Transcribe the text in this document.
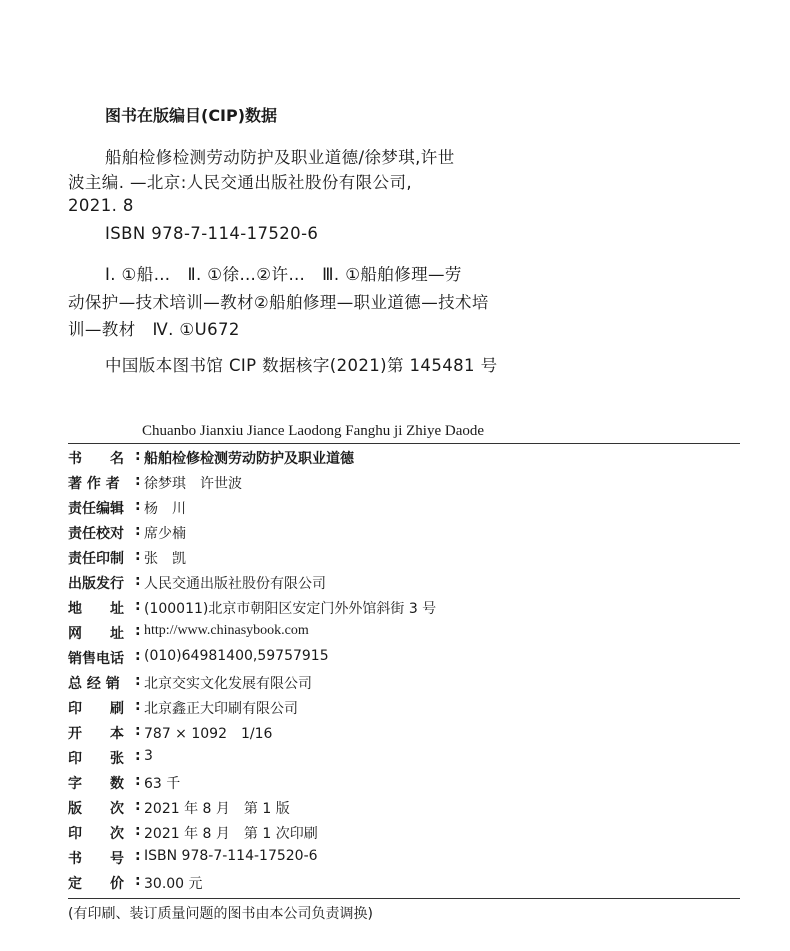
图书在版编目(CIP)数据
船舶检修检测劳动防护及职业道德/徐梦琪,许世
波主编. —北京:人民交通出版社股份有限公司,
2021. 8
ISBN 978-7-114-17520-6
Ⅰ. ①船…　Ⅱ. ①徐…②许…　Ⅲ. ①船舶修理—劳
动保护—技术培训—教材②船舶修理—职业道德—技术培
训—教材　Ⅳ. ①U672
中国版本图书馆 CIP 数据核字(2021)第 145481 号
Chuanbo Jianxiu Jiance Laodong Fanghu ji Zhiye Daode
书　　名 : 船舶检修检测劳动防护及职业道德
著 作 者	: 徐梦琪　许世波
责任编辑 : 杨　川
责任校对 : 席少楠
责任印制 : 张　凯
出版发行 : 人民交通出版社股份有限公司
地　　址 : (100011)北京市朝阳区安定门外外馆斜街 3 号
网　　址 : http://www.chinasybook.com
销售电话 : (010)64981400,59757915
总 经 销	: 北京交实文化发展有限公司
印　　刷 : 北京鑫正大印刷有限公司
开　　本 : 787 × 1092　1/16
印　　张 : 3
字　　数 : 63 千
版　　次 : 2021 年 8 月　第 1 版
印　　次 : 2021 年 8 月　第 1 次印刷
书　　号 : ISBN 978-7-114-17520-6
定　　价 : 30.00 元
(有印刷、装订质量问题的图书由本公司负责调换)
